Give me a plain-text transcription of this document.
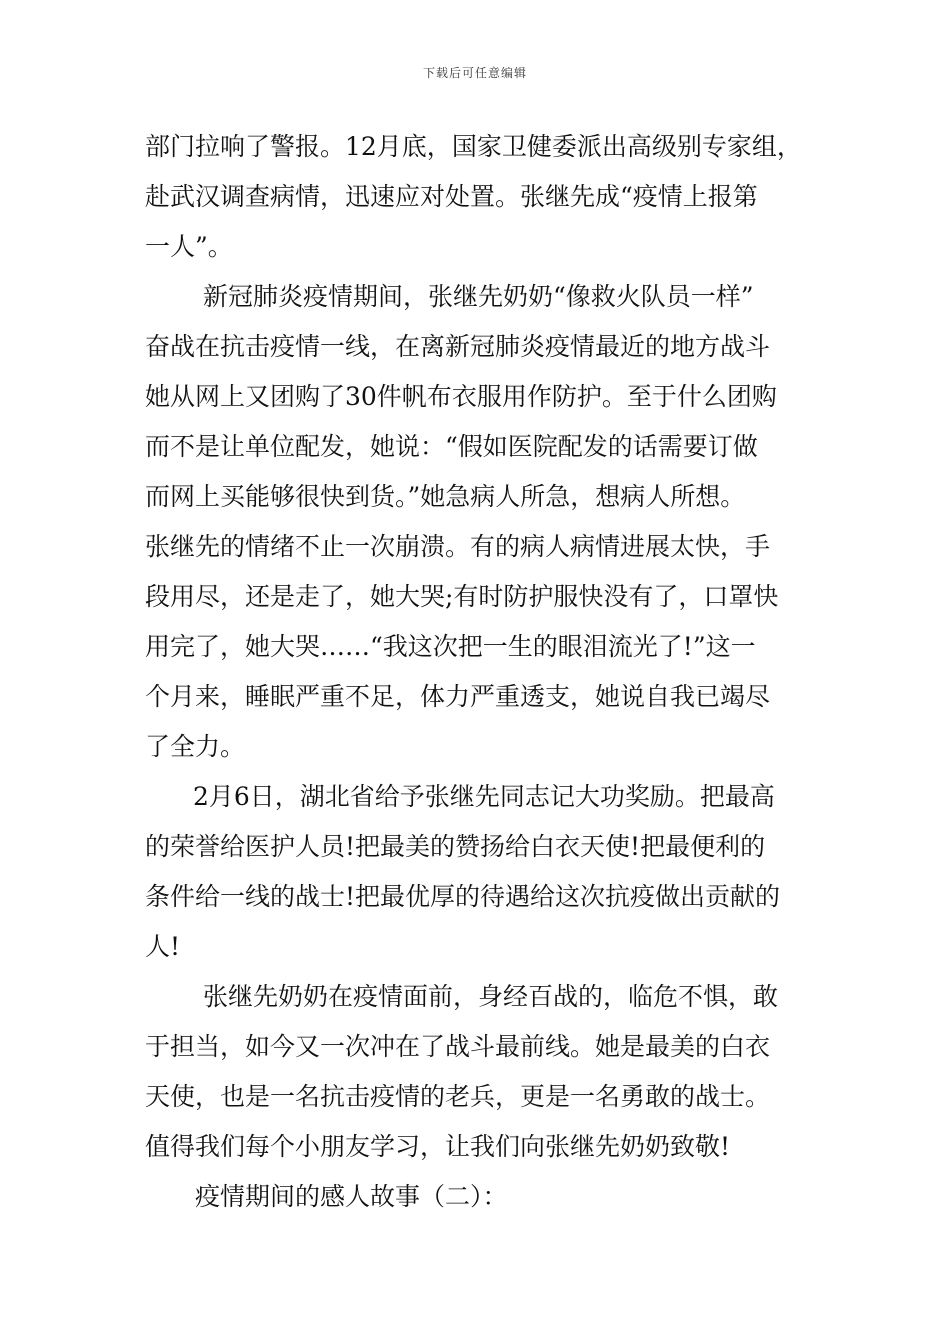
下载后可任意编辑
部门拉响了警报。12月底，国家卫健委派出高级别专家组，
赴武汉调查病情，迅速应对处置。张继先成“疫情上报第
一人”。
新冠肺炎疫情期间，张继先奶奶“像救火队员一样”
奋战在抗击疫情一线，在离新冠肺炎疫情最近的地方战斗
她从网上又团购了30件帆布衣服用作防护。至于什么团购
而不是让单位配发，她说：“假如医院配发的话需要订做
而网上买能够很快到货。”她急病人所急，想病人所想。
张继先的情绪不止一次崩溃。有的病人病情进展太快，手
段用尽，还是走了，她大哭;有时防护服快没有了，口罩快
用完了，她大哭……“我这次把一生的眼泪流光了!”这一
个月来，睡眠严重不足，体力严重透支，她说自我已竭尽
了全力。
2月6日，湖北省给予张继先同志记大功奖励。把最高
的荣誉给医护人员!把最美的赞扬给白衣天使!把最便利的
条件给一线的战士!把最优厚的待遇给这次抗疫做出贡献的
人!
张继先奶奶在疫情面前，身经百战的，临危不惧，敢
于担当，如今又一次冲在了战斗最前线。她是最美的白衣
天使，也是一名抗击疫情的老兵，更是一名勇敢的战士。
值得我们每个小朋友学习，让我们向张继先奶奶致敬!
疫情期间的感人故事（二）：
